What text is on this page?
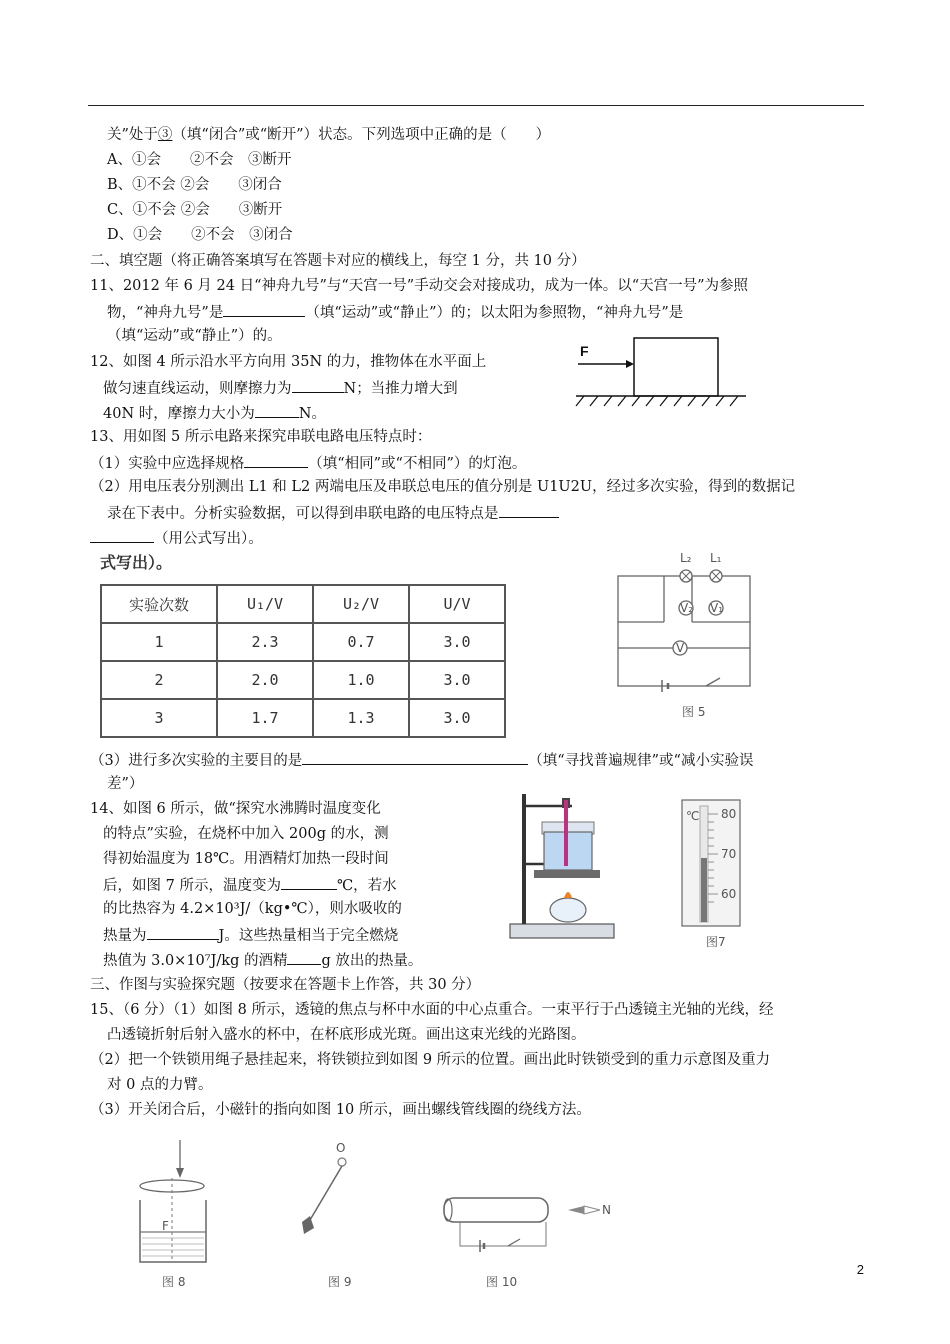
关”处于③（填“闭合”或“断开”）状态。下列选项中正确的是（　　）
A、①会　　②不会　③断开
B、①不会 ②会　　③闭合
C、①不会 ②会　　③断开
D、①会　　②不会　③闭合
二、填空题（将正确答案填写在答题卡对应的横线上，每空 1 分，共 10 分）
11、2012 年 6 月 24 日“神舟九号”与“天宫一号”手动交会对接成功，成为一体。以“天宫一号”为参照
物，“神舟九号”是	（填“运动”或“静止”）的；以太阳为参照物，“神舟九号”是
（填“运动”或“静止”）的。
12、如图 4 所示沿水平方向用 35N 的力，推物体在水平面上
做匀速直线运动，则摩擦力为	N；当推力增大到
40N 时，摩擦力大小为	N。
F
13、用如图 5 所示电路来探究串联电路电压特点时：
（1）实验中应选择规格	（填“相同”或“不相同”）的灯泡。
（2）用电压表分别测出 L1 和 L2 两端电压及串联总电压的值分别是 U1U2U，经过多次实验，得到的数据记
录在下表中。分析实验数据，可以得到串联电路的电压特点是
（用公式写出）。
式写出）。
实验次数	U₁/V	U₂/V	U/V
1	2.3	0.7	3.0
2	2.0	1.0	3.0
3	1.7	1.3	3.0
L₂ L₁
V₂ V₁
V
图 5
（3）进行多次实验的主要目的是	（填“寻找普遍规律”或“减小实验误
差”）
14、如图 6 所示，做“探究水沸腾时温度变化
的特点”实验，在烧杯中加入 200g 的水，测
得初始温度为 18℃。用酒精灯加热一段时间
后，如图 7 所示，温度变为	℃，若水
的比热容为 4.2×10³J/（kg•℃），则水吸收的
热量为	J。这些热量相当于完全燃烧
热值为 3.0×10⁷J/kg 的酒精 g 放出的热量。
℃ 80
70
60
图7
三、作图与实验探究题（按要求在答题卡上作答，共 30 分）
15、（6 分）（1）如图 8 所示，透镜的焦点与杯中水面的中心点重合。一束平行于凸透镜主光轴的光线，经
凸透镜折射后射入盛水的杯中，在杯底形成光斑。画出这束光线的光路图。
（2）把一个铁锁用绳子悬挂起来，将铁锁拉到如图 9 所示的位置。画出此时铁锁受到的重力示意图及重力
对 0 点的力臂。
（3）开关闭合后，小磁针的指向如图 10 所示，画出螺线管线圈的绕线方法。
F
图 8
O
图 9
N
图 10
2
